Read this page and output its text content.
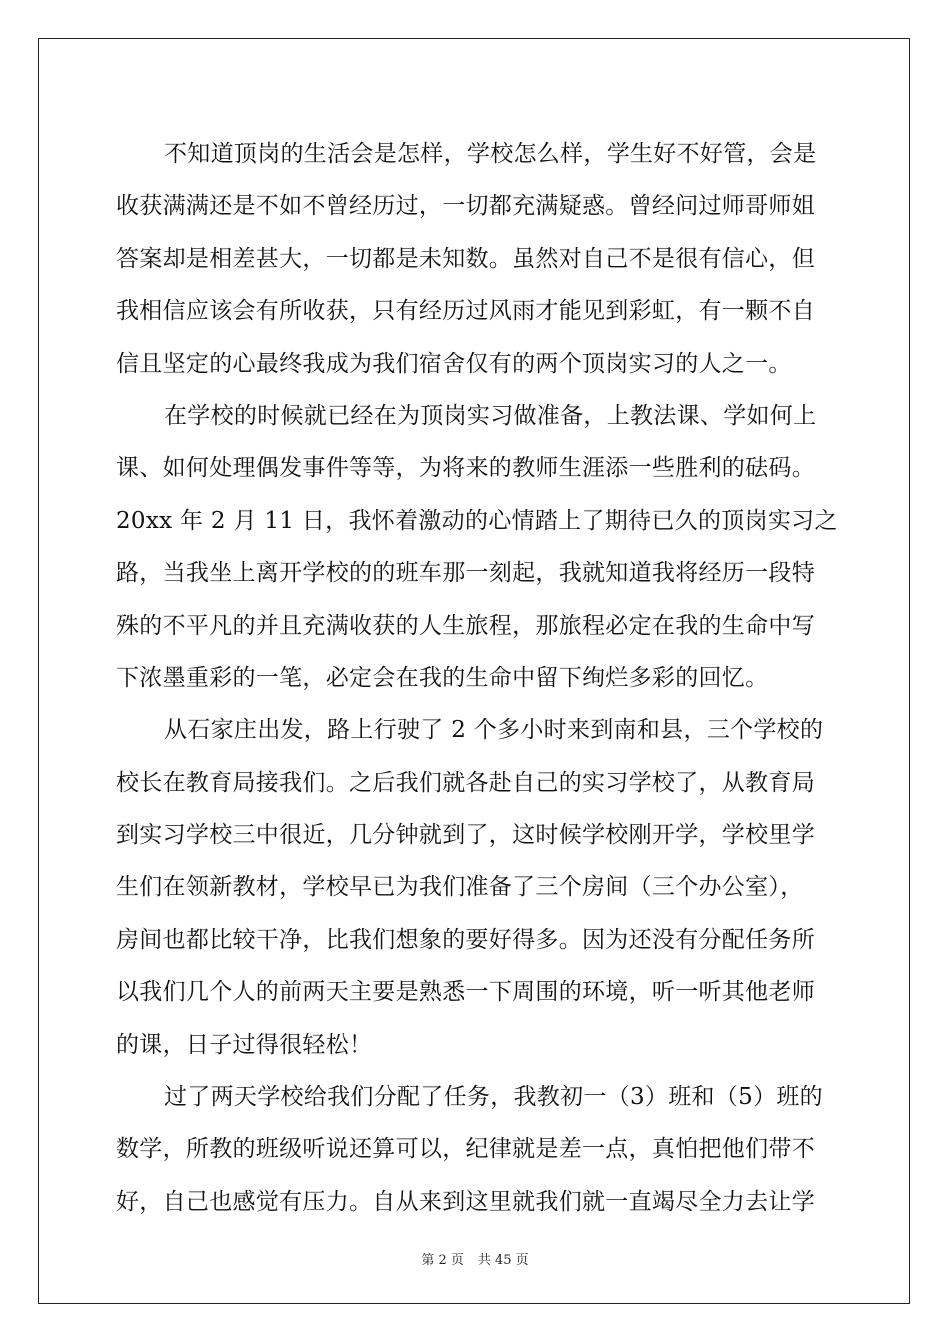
不知道顶岗的生活会是怎样，学校怎么样，学生好不好管，会是
收获满满还是不如不曾经历过，一切都充满疑惑。曾经问过师哥师姐
答案却是相差甚大，一切都是未知数。虽然对自己不是很有信心，但
我相信应该会有所收获，只有经历过风雨才能见到彩虹，有一颗不自
信且坚定的心最终我成为我们宿舍仅有的两个顶岗实习的人之一。
在学校的时候就已经在为顶岗实习做准备，上教法课、学如何上
课、如何处理偶发事件等等，为将来的教师生涯添一些胜利的砝码。
20xx 年 2 月 11 日，我怀着激动的心情踏上了期待已久的顶岗实习之
路，当我坐上离开学校的的班车那一刻起，我就知道我将经历一段特
殊的不平凡的并且充满收获的人生旅程，那旅程必定在我的生命中写
下浓墨重彩的一笔，必定会在我的生命中留下绚烂多彩的回忆。
从石家庄出发，路上行驶了 2 个多小时来到南和县，三个学校的
校长在教育局接我们。之后我们就各赴自己的实习学校了，从教育局
到实习学校三中很近，几分钟就到了，这时候学校刚开学，学校里学
生们在领新教材，学校早已为我们准备了三个房间（三个办公室），
房间也都比较干净，比我们想象的要好得多。因为还没有分配任务所
以我们几个人的前两天主要是熟悉一下周围的环境，听一听其他老师
的课，日子过得很轻松！
过了两天学校给我们分配了任务，我教初一（3）班和（5）班的
数学，所教的班级听说还算可以，纪律就是差一点，真怕把他们带不
好，自己也感觉有压力。自从来到这里就我们就一直竭尽全力去让学
第 2 页 共 45 页
